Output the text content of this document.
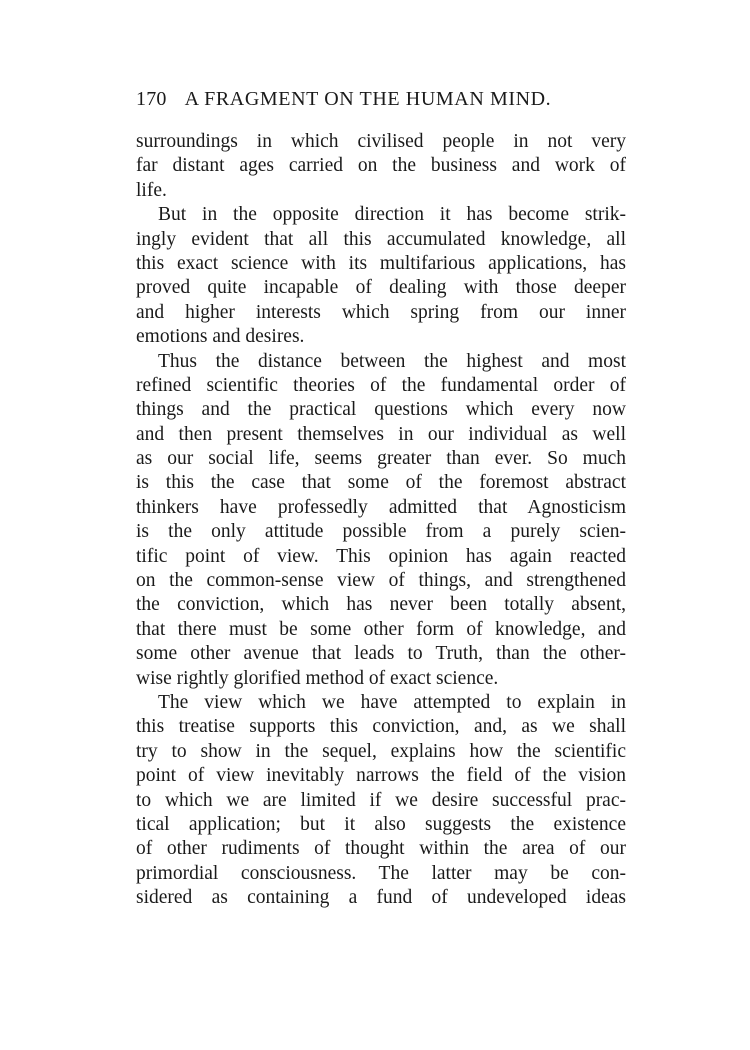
170 A FRAGMENT ON THE HUMAN MIND.
surroundings in which civilised people in not very
far distant ages carried on the business and work of
life.
But in the opposite direction it has become strik-
ingly evident that all this accumulated knowledge, all
this exact science with its multifarious applications, has
proved quite incapable of dealing with those deeper
and higher interests which spring from our inner
emotions and desires.
Thus the distance between the highest and most
refined scientific theories of the fundamental order of
things and the practical questions which every now
and then present themselves in our individual as well
as our social life, seems greater than ever. So much
is this the case that some of the foremost abstract
thinkers have professedly admitted that Agnosticism
is the only attitude possible from a purely scien-
tific point of view. This opinion has again reacted
on the common-sense view of things, and strengthened
the conviction, which has never been totally absent,
that there must be some other form of knowledge, and
some other avenue that leads to Truth, than the other-
wise rightly glorified method of exact science.
The view which we have attempted to explain in
this treatise supports this conviction, and, as we shall
try to show in the sequel, explains how the scientific
point of view inevitably narrows the field of the vision
to which we are limited if we desire successful prac-
tical application; but it also suggests the existence
of other rudiments of thought within the area of our
primordial consciousness. The latter may be con-
sidered as containing a fund of undeveloped ideas
